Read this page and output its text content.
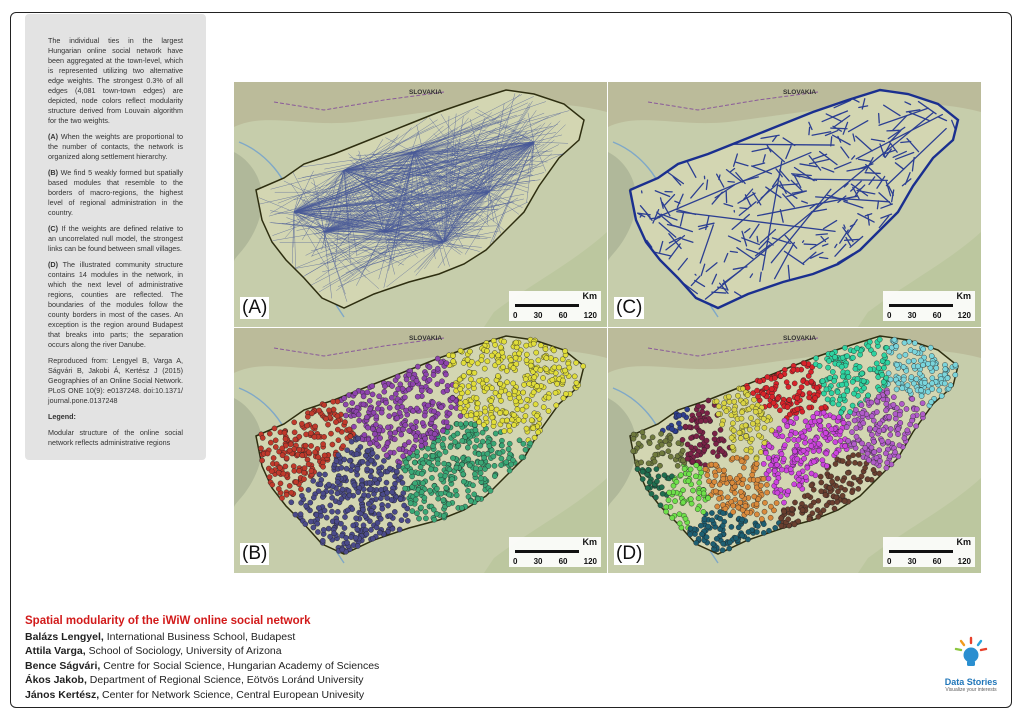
The individual ties in the largest Hungarian online social network have been aggregated at the town-level, which is represented utilizing two alternative edge weights. The strongest 0.3% of all edges (4,081 town-town edges) are depicted, node colors reflect modularity structure derived from Louvain algorithm for the two weights.

(A) When the weights are proportional to the number of contacts, the network is organized along settlement hierarchy.

(B) We find 5 weakly formed but spatially based modules that resemble to the borders of macro-regions, the highest level of regional administration in the country.

(C) If the weights are defined relative to an uncorrelated null model, the strongest links can be found between small villages.

(D) The illustrated community structure contains 14 modules in the network, in which the next level of administrative regions, counties are reflected. The boundaries of the modules follow the county borders in most of the cases. An exception is the region around Budapest that breaks into parts; the separation occurs along the river Danube.

Reproduced from: Lengyel B, Varga A, Ságvári B, Jakobi Á, Kertész J (2015) Geographies of an Online Social Network. PLoS ONE 10(9): e0137248. doi:10.1371/ journal.pone.0137248

Legend:

Modular structure of the online social network reflects administrative regions

SLOVAKIA
(A)
Km
0 30 60 120
SLOVAKIA
(C)
Km
0 30 60 120
SLOVAKIA
(B)
Km
0 30 60 120
SLOVAKIA
(D)
Km
0 30 60 120
Spatial modularity of the iWiW online social network
Balázs Lengyel, International Business School, Budapest
Attila Varga, School of Sociology, University of Arizona
Bence Ságvári, Centre for Social Science, Hungarian Academy of Sciences
Ákos Jakob, Department of Regional Science, Eötvös Loránd University
János Kertész, Center for Network Science, Central European Univesity
Data Stories
Visualize your interests
